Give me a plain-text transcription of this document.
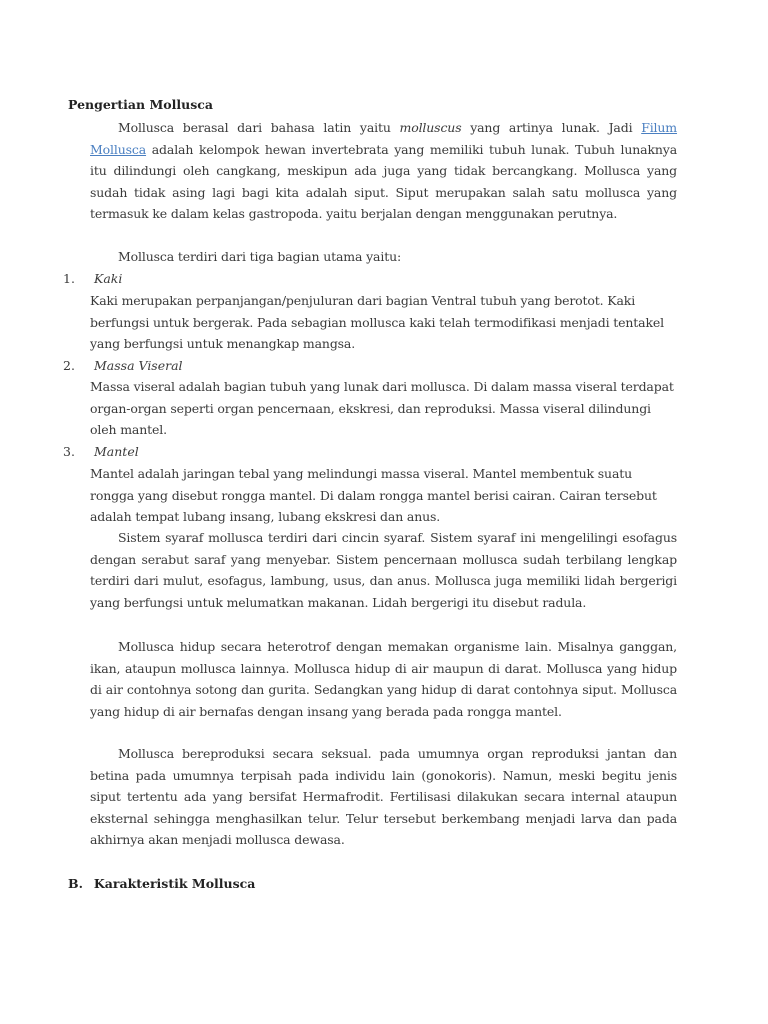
Pengertian Mollusca
Mollusca berasal dari bahasa latin yaitu molluscus yang artinya lunak. Jadi Filum Mollusca adalah kelompok hewan invertebrata yang memiliki tubuh lunak. Tubuh lunaknya itu dilindungi oleh cangkang, meskipun ada juga yang tidak bercangkang. Mollusca yang sudah tidak asing lagi bagi kita adalah siput. Siput merupakan salah satu mollusca yang termasuk ke dalam kelas gastropoda. yaitu berjalan dengan menggunakan perutnya.
Mollusca terdiri dari tiga bagian utama yaitu:
1. Kaki
Kaki merupakan perpanjangan/penjuluran dari bagian Ventral tubuh yang berotot. Kaki berfungsi untuk bergerak. Pada sebagian mollusca kaki telah termodifikasi menjadi tentakel yang berfungsi untuk menangkap mangsa.
2. Massa Viseral
Massa viseral adalah bagian tubuh yang lunak dari mollusca. Di dalam massa viseral terdapat organ-organ seperti organ pencernaan, ekskresi, dan reproduksi. Massa viseral dilindungi oleh mantel.
3. Mantel
Mantel adalah jaringan tebal yang melindungi massa viseral. Mantel membentuk suatu rongga yang disebut rongga mantel. Di dalam rongga mantel berisi cairan. Cairan tersebut adalah tempat lubang insang, lubang ekskresi dan anus.
Sistem syaraf mollusca terdiri dari cincin syaraf. Sistem syaraf ini mengelilingi esofagus dengan serabut saraf yang menyebar. Sistem pencernaan mollusca sudah terbilang lengkap terdiri dari mulut, esofagus, lambung, usus, dan anus. Mollusca juga memiliki lidah bergerigi yang berfungsi untuk melumatkan makanan. Lidah bergerigi itu disebut radula.
Mollusca hidup secara heterotrof dengan memakan organisme lain. Misalnya ganggan, ikan, ataupun mollusca lainnya. Mollusca hidup di air maupun di darat. Mollusca yang hidup di air contohnya sotong dan gurita. Sedangkan yang hidup di darat contohnya siput. Mollusca yang hidup di air bernafas dengan insang yang berada pada rongga mantel.
Mollusca bereproduksi secara seksual. pada umumnya organ reproduksi jantan dan betina pada umumnya terpisah pada individu lain (gonokoris). Namun, meski begitu jenis siput tertentu ada yang bersifat Hermafrodit. Fertilisasi dilakukan secara internal ataupun eksternal sehingga menghasilkan telur. Telur tersebut berkembang menjadi larva dan pada akhirnya akan menjadi mollusca dewasa.
B. Karakteristik Mollusca
